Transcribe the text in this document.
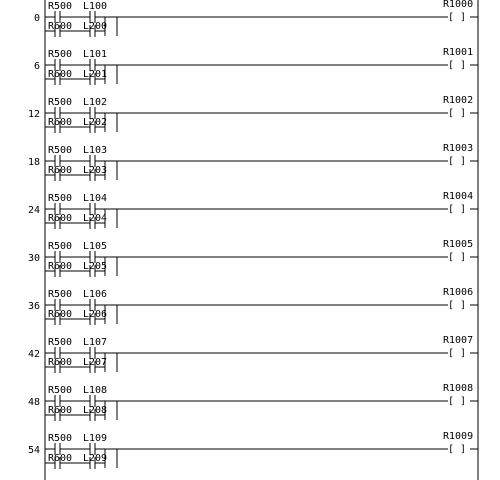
0
R500 L100
R600 L200
R1000
[ ]
6
R500 L101
R600 L201
R1001
[ ]
12
R500 L102
R600 L202
R1002
[ ]
18
R500 L103
R600 L203
R1003
[ ]
24
R500 L104
R600 L204
R1004
[ ]
30
R500 L105
R600 L205
R1005
[ ]
36
R500 L106
R600 L206
R1006
[ ]
42
R500 L107
R600 L207
R1007
[ ]
48
R500 L108
R600 L208
R1008
[ ]
54
R500 L109
R600 L209
R1009
[ ]
